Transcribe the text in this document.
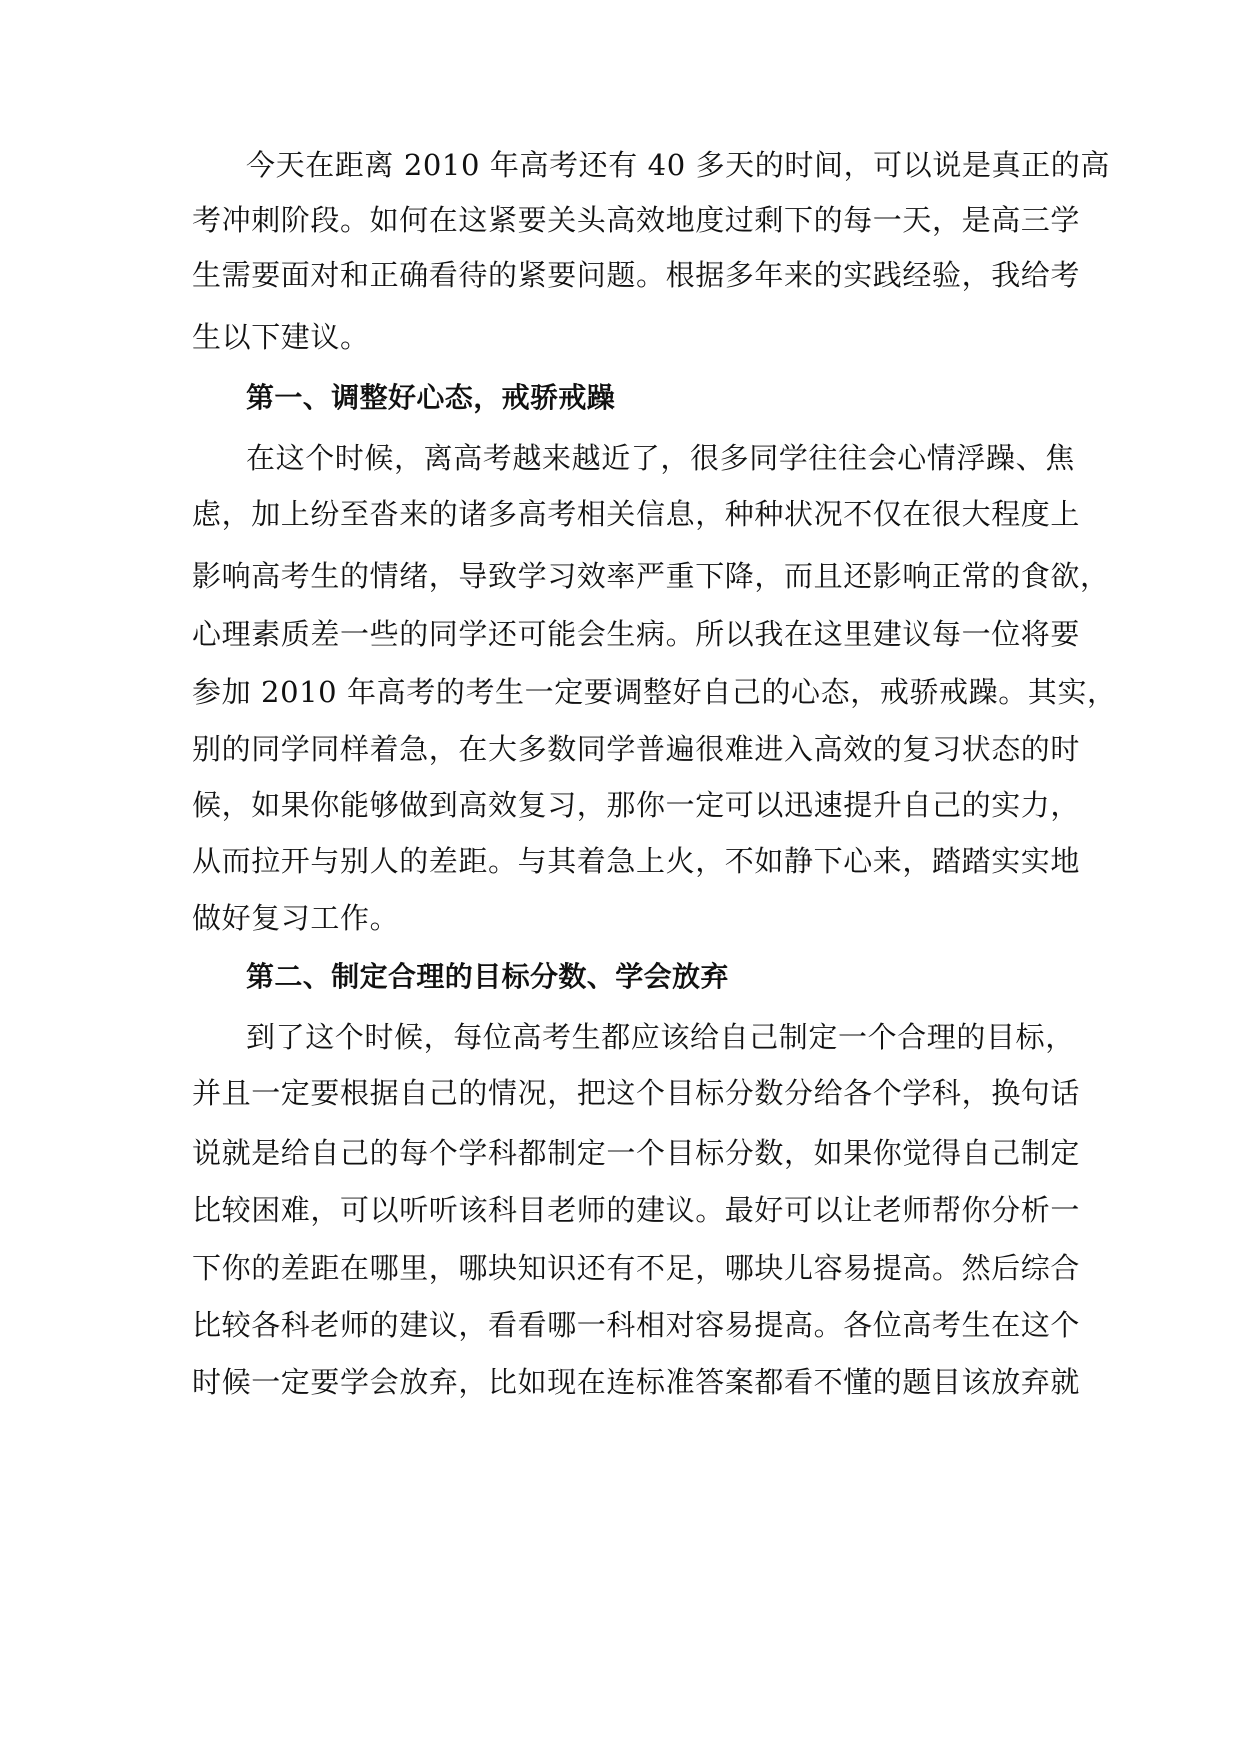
今天在距离 2010 年高考还有 40 多天的时间，可以说是真正的高
考冲刺阶段。如何在这紧要关头高效地度过剩下的每一天，是高三学
生需要面对和正确看待的紧要问题。根据多年来的实践经验，我给考
生以下建议。
第一、调整好心态，戒骄戒躁
在这个时候，离高考越来越近了，很多同学往往会心情浮躁、焦
虑，加上纷至沓来的诸多高考相关信息，种种状况不仅在很大程度上
影响高考生的情绪，导致学习效率严重下降，而且还影响正常的食欲，
心理素质差一些的同学还可能会生病。所以我在这里建议每一位将要
参加 2010 年高考的考生一定要调整好自己的心态，戒骄戒躁。其实，
别的同学同样着急，在大多数同学普遍很难进入高效的复习状态的时
候，如果你能够做到高效复习，那你一定可以迅速提升自己的实力，
从而拉开与别人的差距。与其着急上火，不如静下心来，踏踏实实地
做好复习工作。
第二、制定合理的目标分数、学会放弃
到了这个时候，每位高考生都应该给自己制定一个合理的目标，
并且一定要根据自己的情况，把这个目标分数分给各个学科，换句话
说就是给自己的每个学科都制定一个目标分数，如果你觉得自己制定
比较困难，可以听听该科目老师的建议。最好可以让老师帮你分析一
下你的差距在哪里，哪块知识还有不足，哪块儿容易提高。然后综合
比较各科老师的建议，看看哪一科相对容易提高。各位高考生在这个
时候一定要学会放弃，比如现在连标准答案都看不懂的题目该放弃就
